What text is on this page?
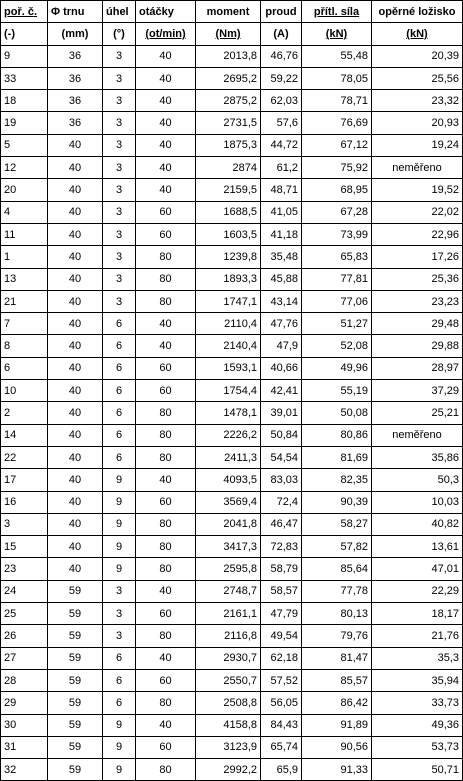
poř. č.	Φ trnu	úhel	otáčky	moment	proud	přítl. síla	opěrné ložisko
(-)	(mm)	(°)	(ot/min)	(Nm)	(A)	(kN)	(kN)
9	36	3	40	2013,8	46,76	55,48	20,39
33	36	3	40	2695,2	59,22	78,05	25,56
18	36	3	40	2875,2	62,03	78,71	23,32
19	36	3	40	2731,5	57,6	76,69	20,93
5	40	3	40	1875,3	44,72	67,12	19,24
12	40	3	40	2874	61,2	75,92	neměřeno
20	40	3	40	2159,5	48,71	68,95	19,52
4	40	3	60	1688,5	41,05	67,28	22,02
11	40	3	60	1603,5	41,18	73,99	22,96
1	40	3	80	1239,8	35,48	65,83	17,26
13	40	3	80	1893,3	45,88	77,81	25,36
21	40	3	80	1747,1	43,14	77,06	23,23
7	40	6	40	2110,4	47,76	51,27	29,48
8	40	6	40	2140,4	47,9	52,08	29,88
6	40	6	60	1593,1	40,66	49,96	28,97
10	40	6	60	1754,4	42,41	55,19	37,29
2	40	6	80	1478,1	39,01	50,08	25,21
14	40	6	80	2226,2	50,84	80,86	neměřeno
22	40	6	80	2411,3	54,54	81,69	35,86
17	40	9	40	4093,5	83,03	82,35	50,3
16	40	9	60	3569,4	72,4	90,39	10,03
3	40	9	80	2041,8	46,47	58,27	40,82
15	40	9	80	3417,3	72,83	57,82	13,61
23	40	9	80	2595,8	58,79	85,64	47,01
24	59	3	40	2748,7	58,57	77,78	22,29
25	59	3	60	2161,1	47,79	80,13	18,17
26	59	3	80	2116,8	49,54	79,76	21,76
27	59	6	40	2930,7	62,18	81,47	35,3
28	59	6	60	2550,7	57,52	85,57	35,94
29	59	6	80	2508,8	56,05	86,42	33,73
30	59	9	40	4158,8	84,43	91,89	49,36
31	59	9	60	3123,9	65,74	90,56	53,73
32	59	9	80	2992,2	65,9	91,33	50,71
